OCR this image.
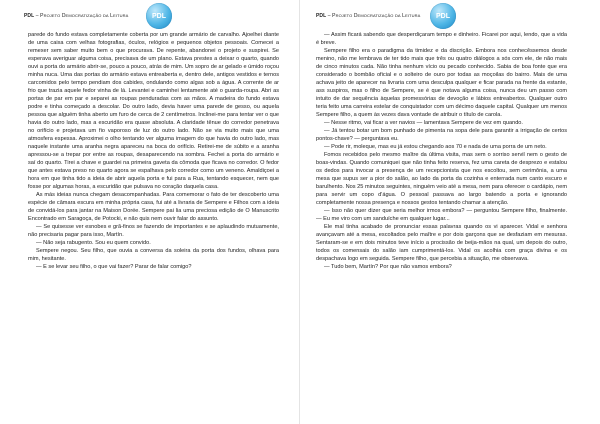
PDL – Projeto Democratização da Leitura	PDL

parede do fundo estava completamente coberta por um grande armário de carvalho. Ajoelhei diante de uma caixa com velhas fotografias, óculos, relógios e pequenos objetos pessoais. Comecei a remexer sem saber muito bem o que procurava. De repente, abandonei o projeto e suspirei. Se esperava averiguar alguma coisa, precisava de um plano. Estava prestes a deixar o quarto, quando ouvi a porta do armário abrir-se, pouco a pouco, atrás de mim. Um sopro de ar gelado e úmido roçou minha nuca. Uma das portas do armário estava entreaberta e, dentro dele, antigos vestidos e ternos carcomidos pelo tempo pendiam dos cabides, ondulando como algas sob a água. A corrente de ar frio que trazia aquele fedor vinha de lá. Levantei e caminhei lentamente até o guarda-roupa. Abri as portas de par em par e separei as roupas penduradas com as mãos. A madeira do fundo estava podre e tinha começado a descolar. Do outro lado, devia haver uma parede de gesso, ou aquela pessoa que alguém tinha aberto um furo de cerca de 2 centímetros. Inclinei-me para tentar ver o que havia do outro lado, mas a escuridão era quase absoluta. A claridade tênue do corredor penetrava no orifício e projetava um fio vaporoso de luz do outro lado. Não se via muito mais que uma atmosfera espessa. Aproximei o olho tentando ver alguma imagem do que havia do outro lado, mas naquele instante uma aranha negra apareceu na boca do orifício. Retirei-me de súbito e a aranha apressou-se a trepar por entre as roupas, desaparecendo na sombra. Fechei a porta do armário e saí do quarto. Tirei a chave e guardei na primeira gaveta da cômoda que ficava no corredor. O fedor que antes estava preso no quarto agora se espalhava pelo corredor como um veneno. Amaldiçoei a hora em que tinha tido a ideia de abrir aquela porta e fui para a Rua, tentando esquecer, nem que fosse por algumas horas, a escuridão que pulsava no coração daquela casa.

As más ideias nunca chegam desacompanhadas. Para comemorar o fato de ter descoberto uma espécie de câmara escura em minha própria casa, fui até a livraria de Sempere e Filhos com a ideia de convidá-los para jantar na Maison Dorée. Sempere pai lia uma preciosa edição de O Manuscrito Encontrado em Saragoça, de Potocki, e não quis nem ouvir falar do assunto.

— Se quisesse ver esnobes e grã-finos se fazendo de importantes e se aplaudindo mutuamente, não precisaria pagar para isso, Martín.

— Não seja rabugento. Sou eu quem convido.

Sempere negou. Seu filho, que ouvia a conversa da soleira da porta dos fundos, olhava para mim, hesitante.

— E se levar seu filho, o que vai fazer? Parar de falar comigo?

PDL – Projeto Democratização da Leitura PDL

— Assim ficará sabendo que desperdiçaram tempo e dinheiro. Ficarei por aqui, lendo, que a vida é breve.

Sempere filho era o paradigma da timidez e da discrição. Embora nos conhecêssemos desde menino, não me lembrava de ter tido mais que três ou quatro diálogos a sós com ele, de não mais de cinco minutos cada. Não tinha nenhum vício ou pecado conhecido. Sabia de boa fonte que era considerado o bombão oficial e o solteiro de ouro por todas as moçoilas do bairro. Mais de uma achava jeito de aparecer na livraria com uma desculpa qualquer e ficar parada na frente da estante, ass suspiros, mas o filho de Sempere, se é que notava alguma coisa, nunca deu um passo com intuito de dar sequência àquelas promessórias de devoção e lábios entreabertos. Qualquer outro teria feito uma carreira estelar de conquistador com um décimo daquele capital. Qualquer um menos Sempere filho, a quem às vezes dava vontade de atribuir o título de carola.

— Nesse ritmo, vai ficar a ver navios — lamentava Sempere de vez em quando.

— Já tentou botar um bom punhado de pimenta na sopa dele para garantir a irrigação de certos pontos-chave? — perguntava eu.

— Pode rir, moleque, mas eu já estou chegando aos 70 e nada de uma porra de um neto.

Fomos recebidos pelo mesmo maître da última visita, mas sem o sorriso servil nem o gesto de boas-vindas. Quando comuniquei que não tinha feito reserva, fez uma careta de desprezo e estalou os dedos para invocar a presença de um recepcionista que nos escoltou, sem cerimônia, a uma mesa que supus ser a pior do salão, ao lado da porta da cozinha e enterrada num canto escuro e barulhento. Nos 25 minutos seguintes, ninguém veio até a mesa, nem para oferecer o cardápio, nem para servir um copo d'água. O pessoal passava ao largo batendo a porta e ignorando completamente nossa presença e nossos gestos tentando chamar a atenção.

— Isso não quer dizer que seria melhor irmos embora? — perguntou Sempere filho, finalmente. — Eu me viro com um sanduíche em qualquer lugar...

Ele mal tinha acabado de pronunciar essas palavras quando os vi aparecer. Vidal e senhora avançavam até a mesa, escoltados pelo maître e por dois garçons que se desfaziam em mesuras. Sentaram-se e em dois minutos teve início a procissão de beija-mãos na qual, um depois do outro, todos os comensais do salão iam cumprimentá-los. Vidal os acolhia com graça divina e os despachava logo em seguida. Sempere filho, que percebia a situação, me observava.

— Tudo bem, Martín? Por que não vamos embora?
